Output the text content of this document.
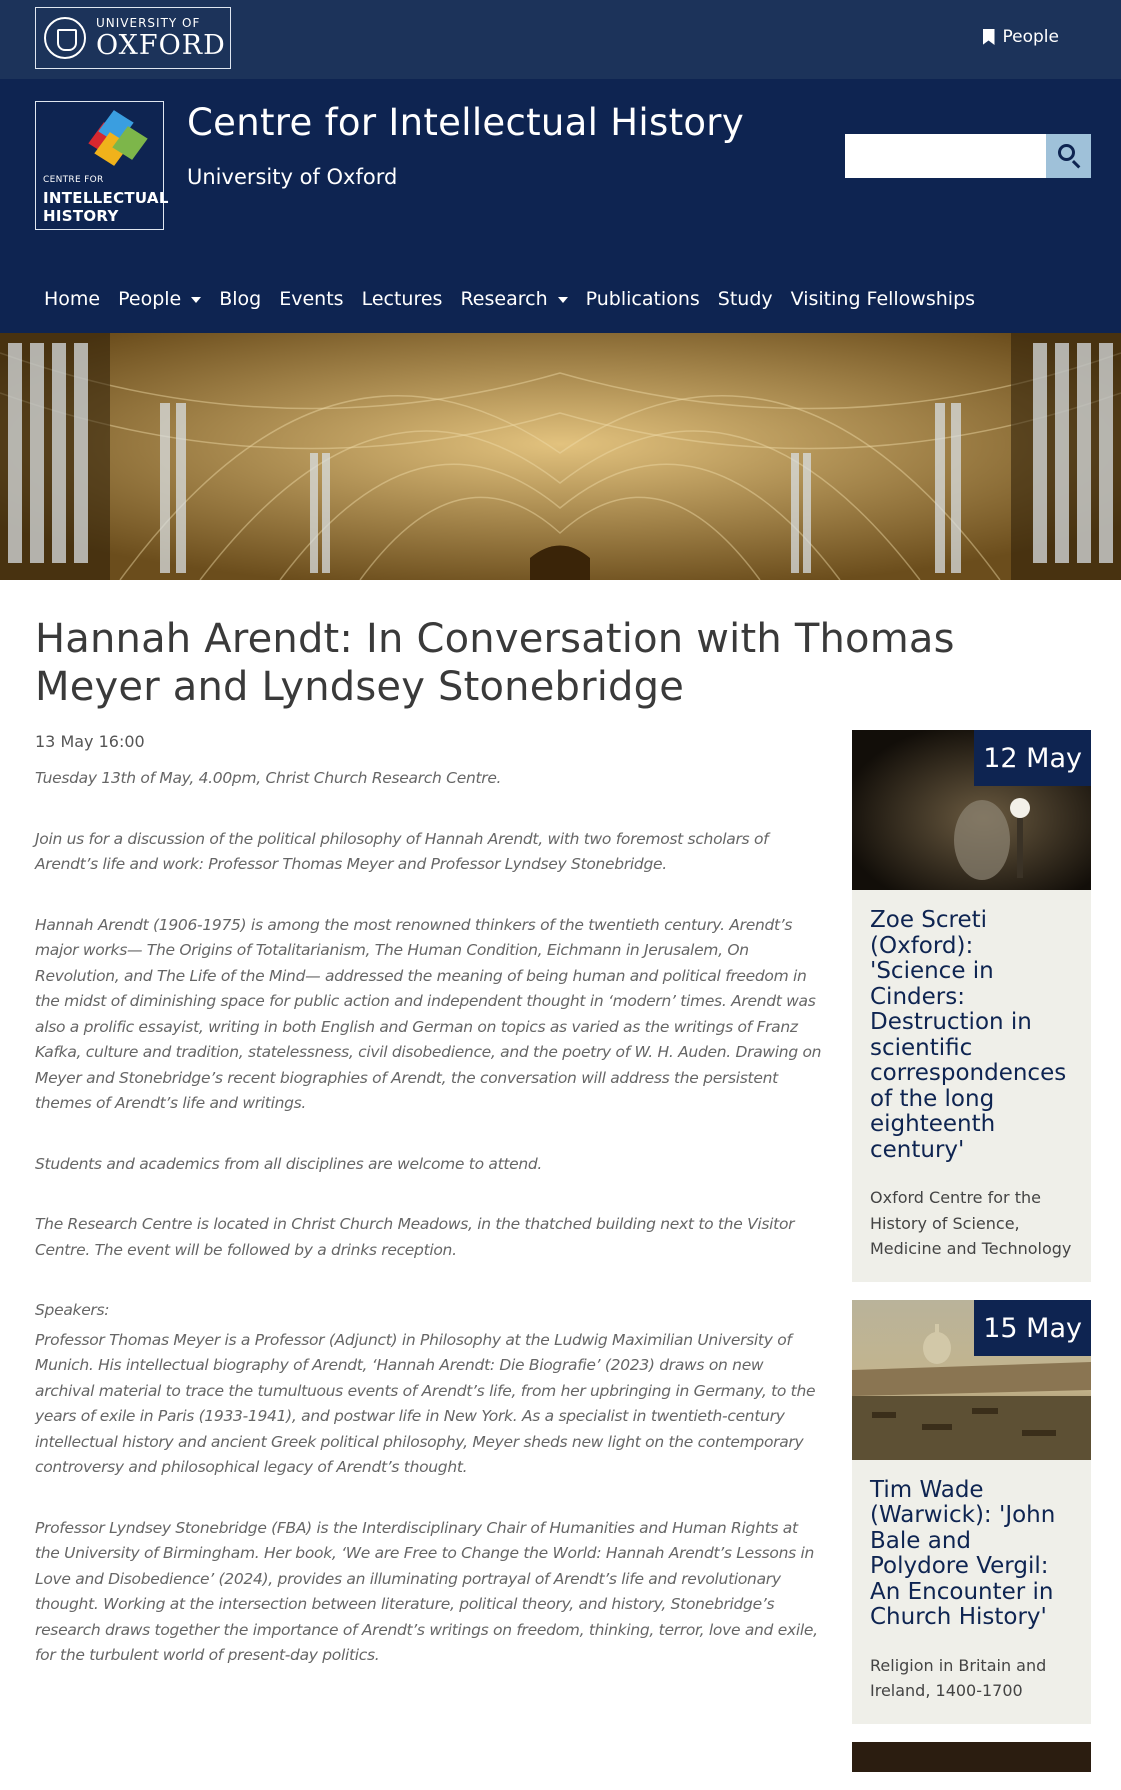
UNIVERSITY OF
OXFORD	People
CENTRE FOR
INTELLECTUAL
HISTORY
Centre for Intellectual History
University of Oxford
Home People Blog Events Lectures Research Publications Study Visiting Fellowships
Hannah Arendt: In Conversation with Thomas Meyer and Lyndsey Stonebridge

13 May 16:00

Tuesday 13th of May, 4.00pm, Christ Church Research Centre.

Join us for a discussion of the political philosophy of Hannah Arendt, with two foremost scholars of Arendt’s life and work: Professor Thomas Meyer and Professor Lyndsey Stonebridge.

Hannah Arendt (1906-1975) is among the most renowned thinkers of the twentieth century. Arendt’s major works— The Origins of Totalitarianism, The Human Condition, Eichmann in Jerusalem, On Revolution, and The Life of the Mind— addressed the meaning of being human and political freedom in the midst of diminishing space for public action and independent thought in ‘modern’ times. Arendt was also a prolific essayist, writing in both English and German on topics as varied as the writings of Franz Kafka, culture and tradition, statelessness, civil disobedience, and the poetry of W. H. Auden. Drawing on Meyer and Stonebridge’s recent biographies of Arendt, the conversation will address the persistent themes of Arendt’s life and writings.

Students and academics from all disciplines are welcome to attend.

The Research Centre is located in Christ Church Meadows, in the thatched building next to the Visitor Centre. The event will be followed by a drinks reception.

Speakers:

Professor Thomas Meyer is a Professor (Adjunct) in Philosophy at the Ludwig Maximilian University of Munich. His intellectual biography of Arendt, ‘Hannah Arendt: Die Biografie’ (2023) draws on new archival material to trace the tumultuous events of Arendt’s life, from her upbringing in Germany, to the years of exile in Paris (1933-1941), and postwar life in New York. As a specialist in twentieth-century intellectual history and ancient Greek political philosophy, Meyer sheds new light on the contemporary controversy and philosophical legacy of Arendt’s thought.

Professor Lyndsey Stonebridge (FBA) is the Interdisciplinary Chair of Humanities and Human Rights at the University of Birmingham. Her book, ‘We are Free to Change the World: Hannah Arendt’s Lessons in Love and Disobedience’ (2024), provides an illuminating portrayal of Arendt’s life and revolutionary thought. Working at the intersection between literature, political theory, and history, Stonebridge’s research draws together the importance of Arendt’s writings on freedom, thinking, terror, love and exile, for the turbulent world of present-day politics.

12 May
Zoe Screti (Oxford): 'Science in Cinders: Destruction in scientific correspondences of the long eighteenth century'
Oxford Centre for the History of Science, Medicine and Technology
15 May
Tim Wade (Warwick): 'John Bale and Polydore Vergil: An Encounter in Church History'
Religion in Britain and Ireland, 1400-1700
